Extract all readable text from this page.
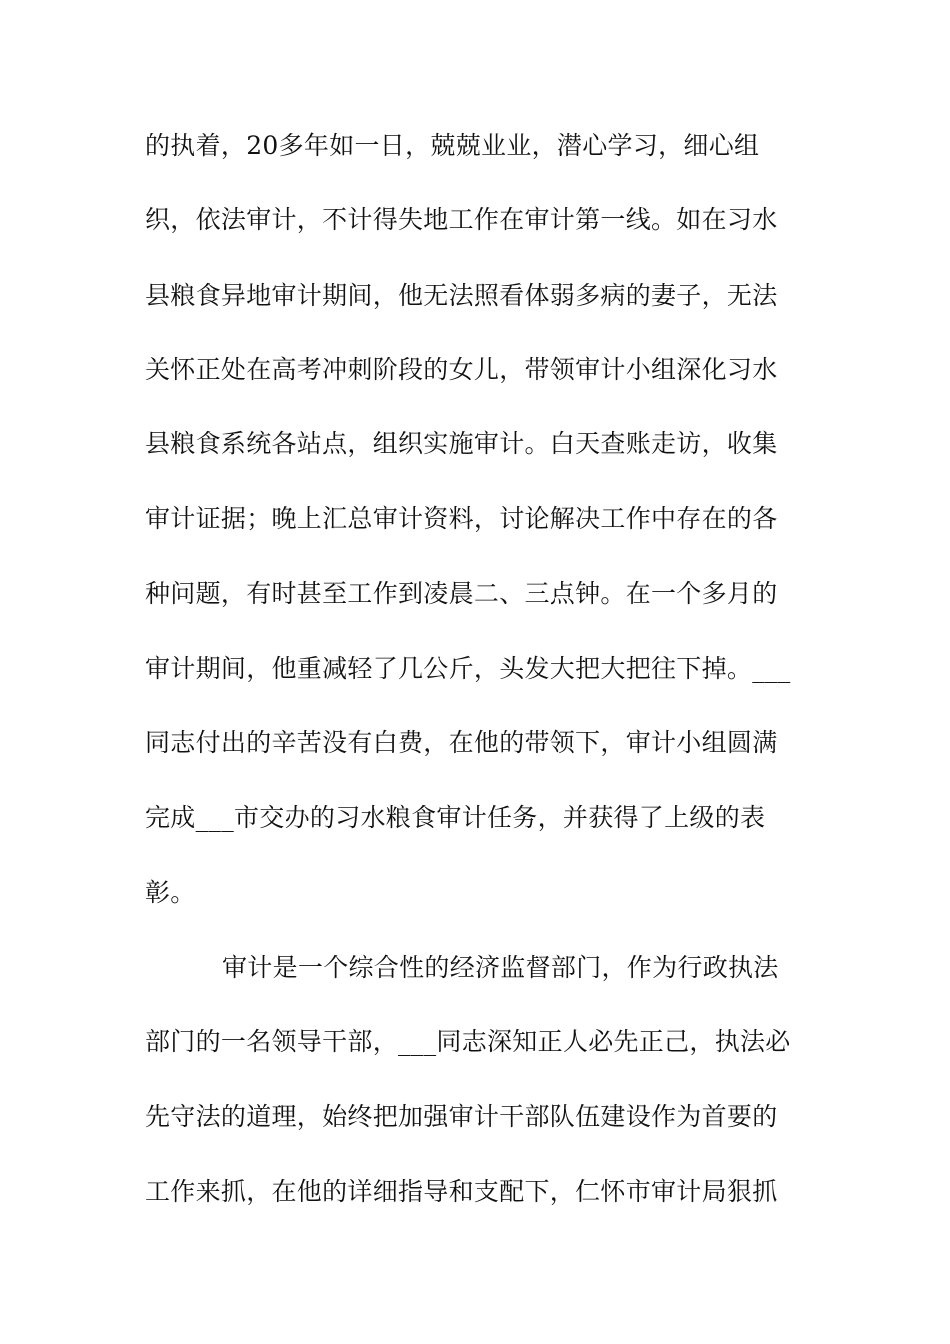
的执着，20多年如一日，兢兢业业，潜心学习，细心组
织，依法审计，不计得失地工作在审计第一线。如在习水
县粮食异地审计期间，他无法照看体弱多病的妻子，无法
关怀正处在高考冲刺阶段的女儿，带领审计小组深化习水
县粮食系统各站点，组织实施审计。白天查账走访，收集
审计证据；晚上汇总审计资料，讨论解决工作中存在的各
种问题，有时甚至工作到凌晨二、三点钟。在一个多月的
审计期间，他重减轻了几公斤，头发大把大把往下掉。___
同志付出的辛苦没有白费，在他的带领下，审计小组圆满
完成___市交办的习水粮食审计任务，并获得了上级的表
彰。
审计是一个综合性的经济监督部门，作为行政执法
部门的一名领导干部，___同志深知正人必先正己，执法必
先守法的道理，始终把加强审计干部队伍建设作为首要的
工作来抓，在他的详细指导和支配下，仁怀市审计局狠抓
